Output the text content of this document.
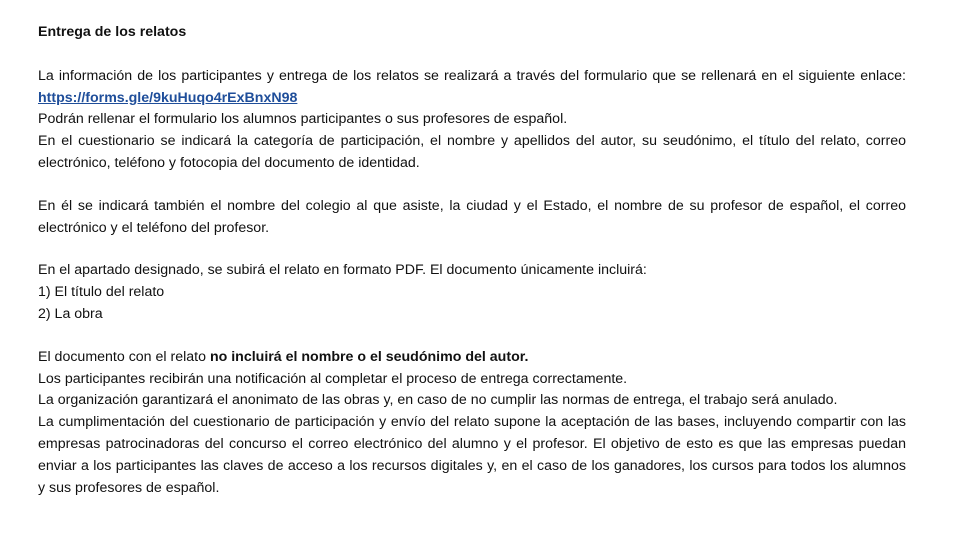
Entrega de los relatos

La información de los participantes y entrega de los relatos se realizará a través del formulario que se rellenará en el siguiente enlace: https://forms.gle/9kuHuqo4rExBnxN98

Podrán rellenar el formulario los alumnos participantes o sus profesores de español.

En el cuestionario se indicará la categoría de participación, el nombre y apellidos del autor, su seudónimo, el título del relato, correo electrónico, teléfono y fotocopia del documento de identidad.

En él se indicará también el nombre del colegio al que asiste, la ciudad y el Estado, el nombre de su profesor de español, el correo electrónico y el teléfono del profesor.

En el apartado designado, se subirá el relato en formato PDF. El documento únicamente incluirá:

1) El título del relato

2) La obra

El documento con el relato no incluirá el nombre o el seudónimo del autor.

Los participantes recibirán una notificación al completar el proceso de entrega correctamente.

La organización garantizará el anonimato de las obras y, en caso de no cumplir las normas de entrega, el trabajo será anulado.

La cumplimentación del cuestionario de participación y envío del relato supone la aceptación de las bases, incluyendo compartir con las empresas patrocinadoras del concurso el correo electrónico del alumno y el profesor. El objetivo de esto es que las empresas puedan enviar a los participantes las claves de acceso a los recursos digitales y, en el caso de los ganadores, los cursos para todos los alumnos y sus profesores de español.
